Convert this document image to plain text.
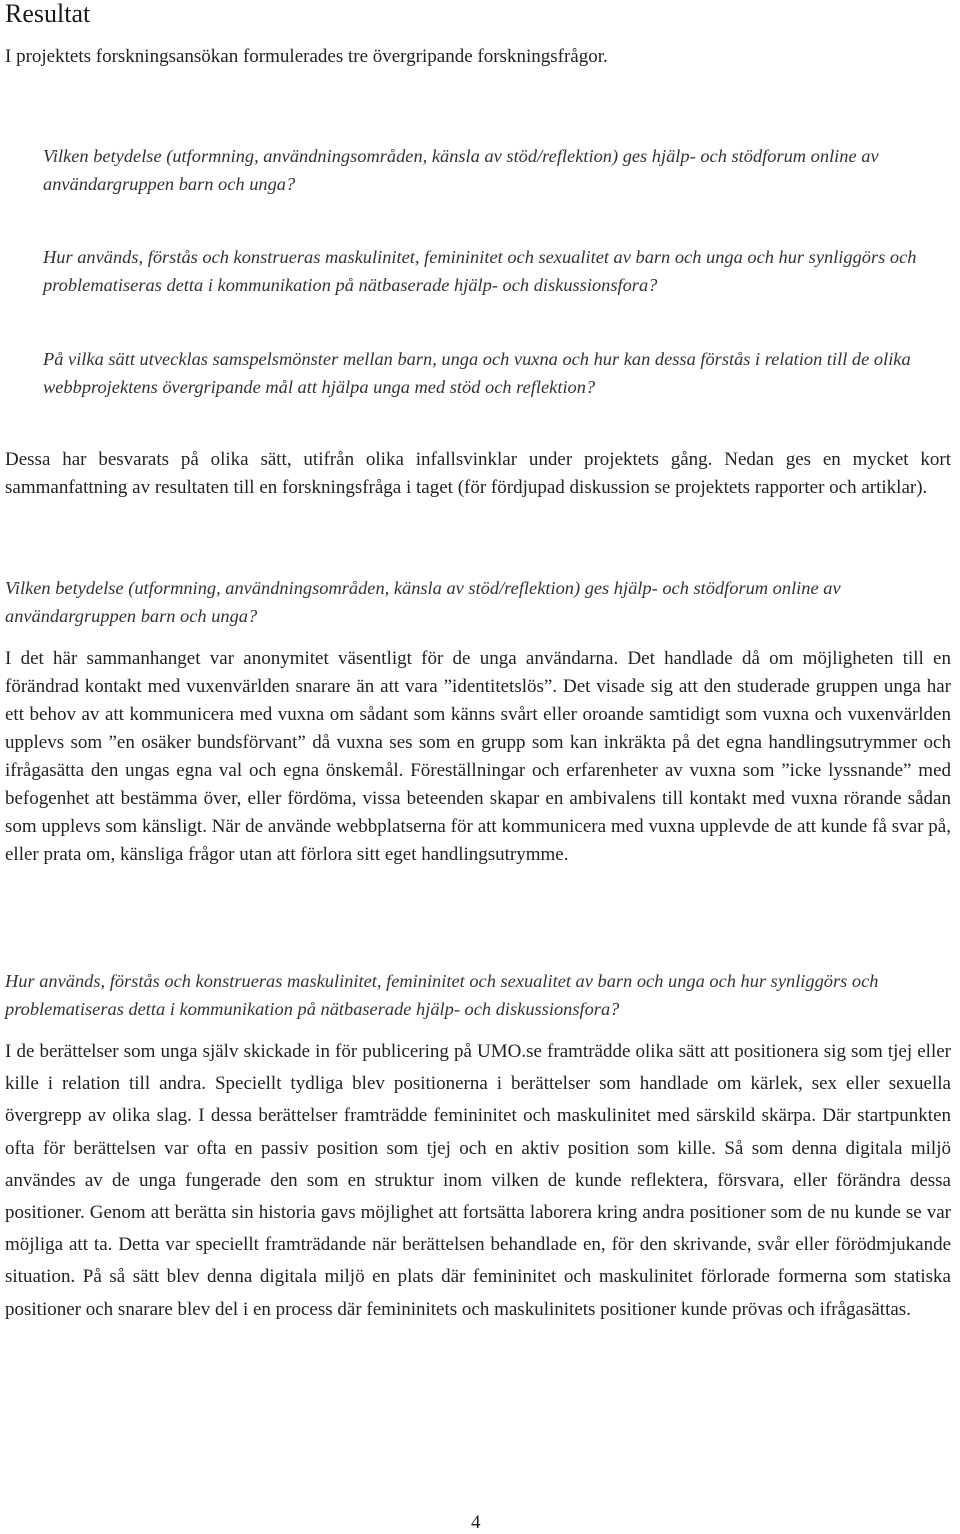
Resultat

I projektets forskningsansökan formulerades tre övergripande forskningsfrågor.

Vilken betydelse (utformning, användningsområden, känsla av stöd/reflektion) ges hjälp- och stödforum online av användargruppen barn och unga?

Hur används, förstås och konstrueras maskulinitet, femininitet och sexualitet av barn och unga och hur synliggörs och problematiseras detta i kommunikation på nätbaserade hjälp- och diskussionsfora?

På vilka sätt utvecklas samspelsmönster mellan barn, unga och vuxna och hur kan dessa förstås i relation till de olika webbprojektens övergripande mål att hjälpa unga med stöd och reflektion?

Dessa har besvarats på olika sätt, utifrån olika infallsvinklar under projektets gång. Nedan ges en mycket kort sammanfattning av resultaten till en forskningsfråga i taget (för fördjupad diskussion se projektets rapporter och artiklar).

Vilken betydelse (utformning, användningsområden, känsla av stöd/reflektion) ges hjälp- och stödforum online av användargruppen barn och unga?

I det här sammanhanget var anonymitet väsentligt för de unga användarna. Det handlade då om möjligheten till en förändrad kontakt med vuxenvärlden snarare än att vara ”identitetslös”. Det visade sig att den studerade gruppen unga har ett behov av att kommunicera med vuxna om sådant som känns svårt eller oroande samtidigt som vuxna och vuxenvärlden upplevs som ”en osäker bundsförvant” då vuxna ses som en grupp som kan inkräkta på det egna handlingsutrymmer och ifrågasätta den ungas egna val och egna önskemål. Föreställningar och erfarenheter av vuxna som ”icke lyssnande” med befogenhet att bestämma över, eller fördöma, vissa beteenden skapar en ambivalens till kontakt med vuxna rörande sådan som upplevs som känsligt. När de använde webbplatserna för att kommunicera med vuxna upplevde de att kunde få svar på, eller prata om, känsliga frågor utan att förlora sitt eget handlingsutrymme.

Hur används, förstås och konstrueras maskulinitet, femininitet och sexualitet av barn och unga och hur synliggörs och problematiseras detta i kommunikation på nätbaserade hjälp- och diskussionsfora?

I de berättelser som unga själv skickade in för publicering på UMO.se framträdde olika sätt att positionera sig som tjej eller kille i relation till andra. Speciellt tydliga blev positionerna i berättelser som handlade om kärlek, sex eller sexuella övergrepp av olika slag. I dessa berättelser framträdde femininitet och maskulinitet med särskild skärpa. Där startpunkten ofta för berättelsen var ofta en passiv position som tjej och en aktiv position som kille. Så som denna digitala miljö användes av de unga fungerade den som en struktur inom vilken de kunde reflektera, försvara, eller förändra dessa positioner. Genom att berätta sin historia gavs möjlighet att fortsätta laborera kring andra positioner som de nu kunde se var möjliga att ta. Detta var speciellt framträdande när berättelsen behandlade en, för den skrivande, svår eller förödmjukande situation. På så sätt blev denna digitala miljö en plats där femininitet och maskulinitet förlorade formerna som statiska positioner och snarare blev del i en process där femininitets och maskulinitets positioner kunde prövas och ifrågasättas.

4
